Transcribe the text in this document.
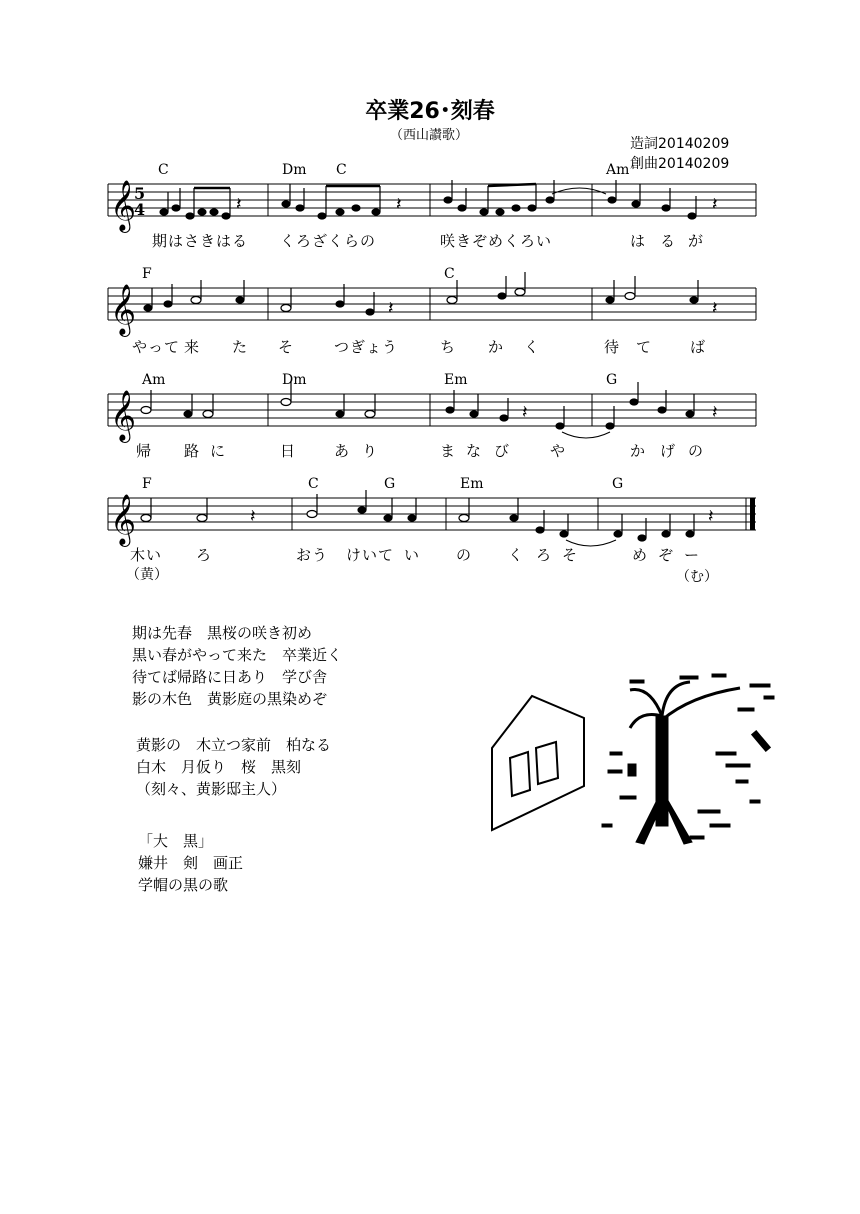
卒業26･刻春
（西山讃歌）
造詞20140209
創曲20140209
𝄞
𝄞
𝄞
𝄞
𝄽	𝄽	𝄽
𝄽	𝄽
𝄽	𝄽
𝄽	𝄽
5
4
C	Dm C	Am
期はさきはる くろざくらの	咲きぞめくろい	は る が
F	C
やって 来 た そ	つぎょう	ち か く	待 て	ば
Am	Dm	Em	G
帰 路 に	日	あ り	ま な び	や	か げ の
F	C	G	Em	G
木い ろ	おう けいて い の く ろ そ	め ぞ ー
（黄）	（む）
期は先春　黒桜の咲き初め
黒い春がやって来た　卒業近く
待てば帰路に日あり　学び舎
影の木色　黄影庭の黒染めぞ
黄影の　木立つ家前　柏なる
白木　月仮り　桜　黒刻
（刻々、黄影邸主人）
「大　黒」
嫌井　剣　画正
学帽の黒の歌
